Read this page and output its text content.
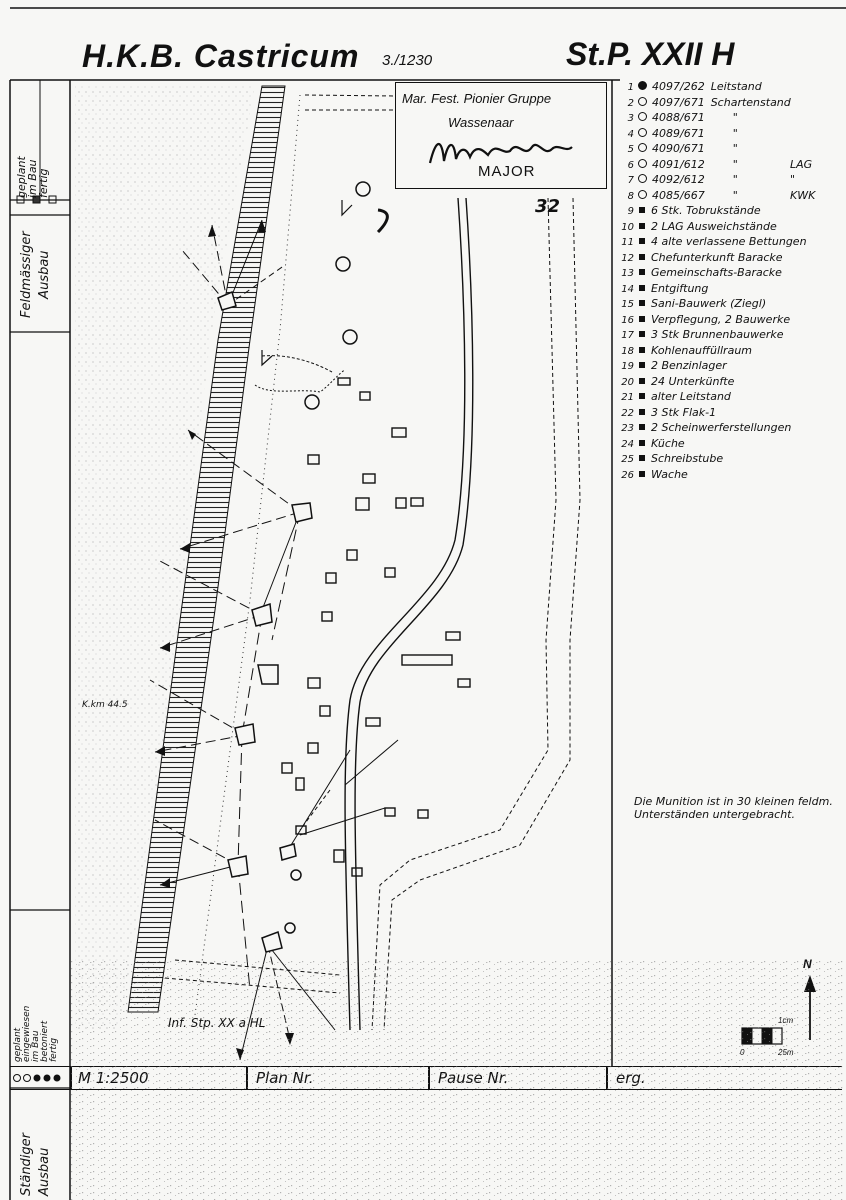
geplant
im Bau
fertig
Feldmässiger Ausbau
geplant eingewiesen im Bau betoniert fertig
Ständiger Ausbau
H.K.B. Castricum 3./1230	St.P. XXII H
Mar. Fest. Pionier Gruppe
Wassenaar
MAJOR
32
K.km 44.5
1 4097/262 Leitstand
2 4097/671 Schartenstand
3 4088/671	"
4 4089/671	"
5 4090/671	"
6 4091/612	"	LAG
7 4092/612	"	"
8 4085/667	"	KWK
9 6 Stk. Tobrukstände
10 2 LAG Ausweichstände
11 4 alte verlassene Bettungen
12 Chefunterkunft Baracke
13 Gemeinschafts-Baracke
14 Entgiftung
15 Sani-Bauwerk (Ziegl)
16 Verpflegung, 2 Bauwerke
17 3 Stk Brunnenbauwerke
18 Kohlenauffüllraum
19 2 Benzinlager
20 24 Unterkünfte
21 alter Leitstand
22 3 Stk Flak-1
23 2 Scheinwerferstellungen
24 Küche
25 Schreibstube
26 Wache
Die Munition ist in 30 kleinen feldm. Unterständen untergebracht.
